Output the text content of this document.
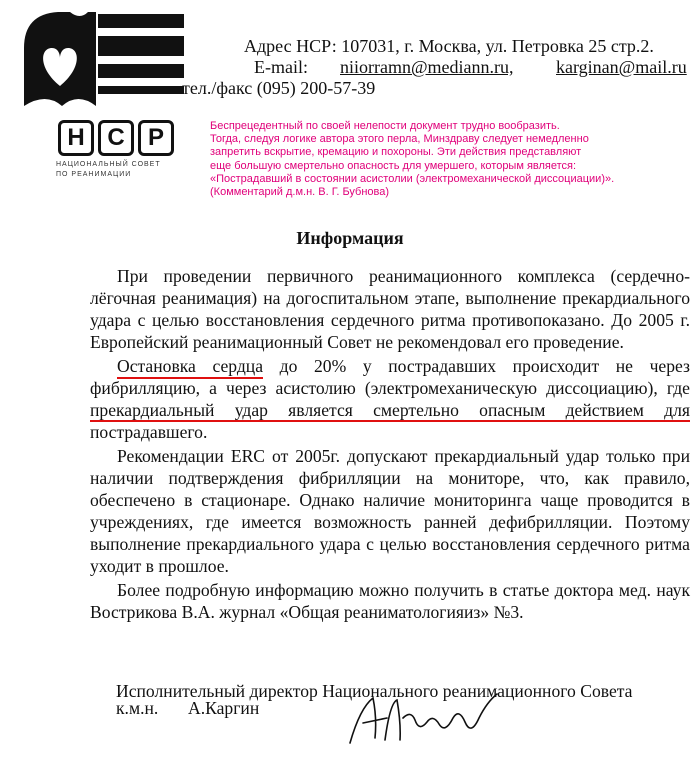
Н С Р
НАЦИОНАЛЬНЫЙ СОВЕТ ПО РЕАНИМАЦИИ
Адрес НСР: 107031, г. Москва, ул. Петровка 25 стр.2.
E-mail: niiorramn@mediann.ru, karginan@mail.ru
тел./факс (095) 200-57-39
Беспрецедентный по своей нелепости документ трудно вообразить.
Тогда, следуя логике автора этого перла, Минздраву следует немедленно
запретить вскрытие, кремацию и похороны. Эти действия представляют
еще большую смертельно опасность для умершего, которым является:
«Пострадавший в состоянии асистолии (электромеханической диссоциации)».
(Комментарий д.м.н. В. Г. Бубнова)
Информация

При проведении первичного реанимационного комплекса (сердечно-лёгочная реанимация) на догоспитальном этапе, выполнение прекардиального удара с целью восстановления сердечного ритма противопоказано. До 2005 г. Европейский реанимационный Совет не рекомендовал его проведение.

Остановка сердца до 20% у пострадавших происходит не через фибрилляцию, а через асистолию (электромеханическую диссоциацию), где прекардиальный удар является смертельно опасным действием для пострадавшего.

Рекомендации ERC от 2005г. допускают прекардиальный удар только при наличии подтверждения фибрилляции на мониторе, что, как правило, обеспечено в стационаре. Однако наличие мониторинга чаще проводится в учреждениях, где имеется возможность ранней дефибрилляции. Поэтому выполнение прекардиального удара с целью восстановления сердечного ритма уходит в прошлое.

Более подробную информацию можно получить в статье доктора мед. наук Вострикова В.А. журнал «Общая реаниматологияиз» №3.

Исполнительный директор Национального реанимационного Совета
к.м.н. А.Каргин
